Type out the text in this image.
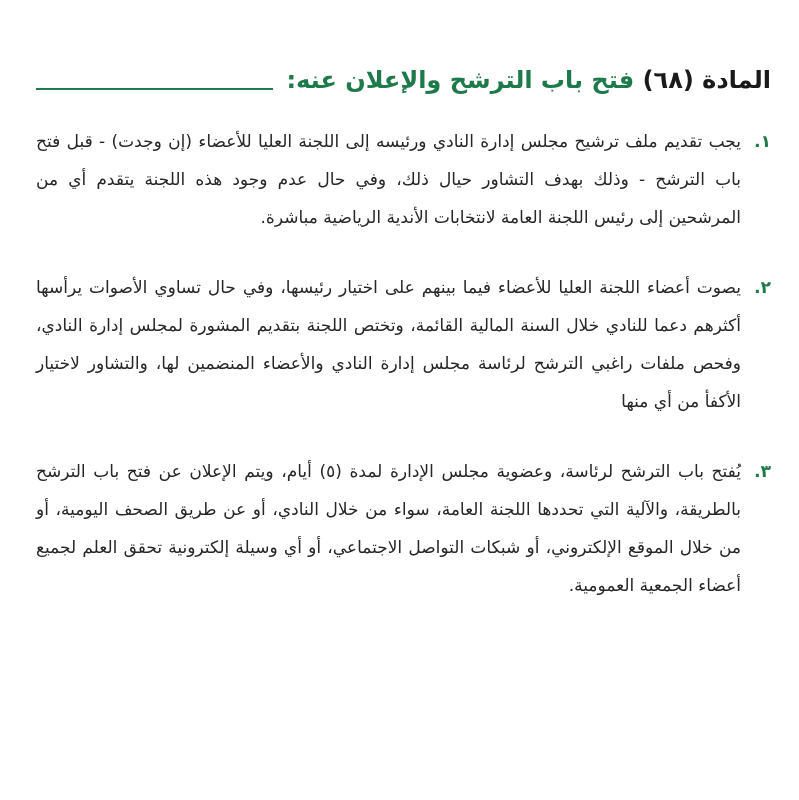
المادة (٦٨) فتح باب الترشح والإعلان عنه:
١.
يجب تقديم ملف ترشيح مجلس إدارة النادي ورئيسه إلى اللجنة العليا للأعضاء (إن وجدت) - قبل فتح باب الترشح - وذلك بهدف التشاور حيال ذلك، وفي حال عدم وجود هذه اللجنة يتقدم أي من المرشحين إلى رئيس اللجنة العامة لانتخابات الأندية الرياضية مباشرة.
٢.
يصوت أعضاء اللجنة العليا للأعضاء فيما بينهم على اختيار رئيسها، وفي حال تساوي الأصوات يرأسها أكثرهم دعما للنادي خلال السنة المالية القائمة، وتختص اللجنة بتقديم المشورة لمجلس إدارة النادي، وفحص ملفات راغبي الترشح لرئاسة مجلس إدارة النادي والأعضاء المنضمين لها، والتشاور لاختيار الأكفأ من أي منها
٣.
يُفتح باب الترشح لرئاسة، وعضوية مجلس الإدارة لمدة (٥) أيام، ويتم الإعلان عن فتح باب الترشح بالطريقة، والآلية التي تحددها اللجنة العامة، سواء من خلال النادي، أو عن طريق الصحف اليومية، أو من خلال الموقع الإلكتروني، أو شبكات التواصل الاجتماعي، أو أي وسيلة إلكترونية تحقق العلم لجميع أعضاء الجمعية العمومية.
